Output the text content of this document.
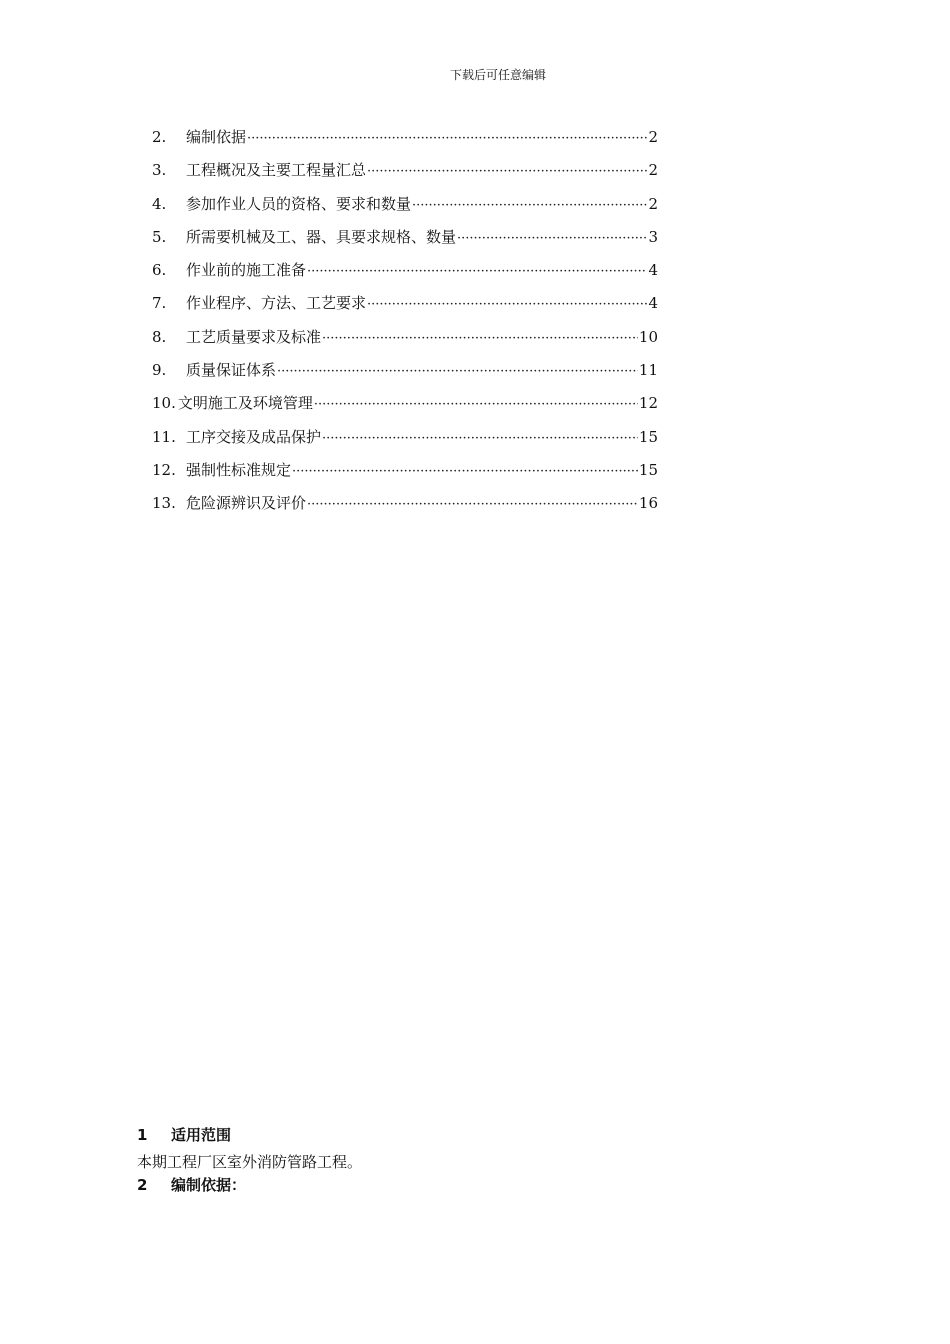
下载后可任意编辑
2.	编制依据 ·····	2
3.	工程概况及主要工程量汇总 ·····	2
4.	参加作业人员的资格、要求和数量 ·····	2
5.	所需要机械及工、器、具要求规格、数量 ·····	3
6.	作业前的施工准备 ·····	4
7.	作业程序、方法、工艺要求 ·····	4
8.	工艺质量要求及标准 ·····	10
9.	质量保证体系 ·····	11
10. 文明施工及环境管理 ·····	12
11. 工序交接及成品保护 ·····	15
12. 强制性标准规定 ·····	15
13. 危险源辨识及评价 ·····	16
1 适用范围
本期工程厂区室外消防管路工程。
2 编制依据：
